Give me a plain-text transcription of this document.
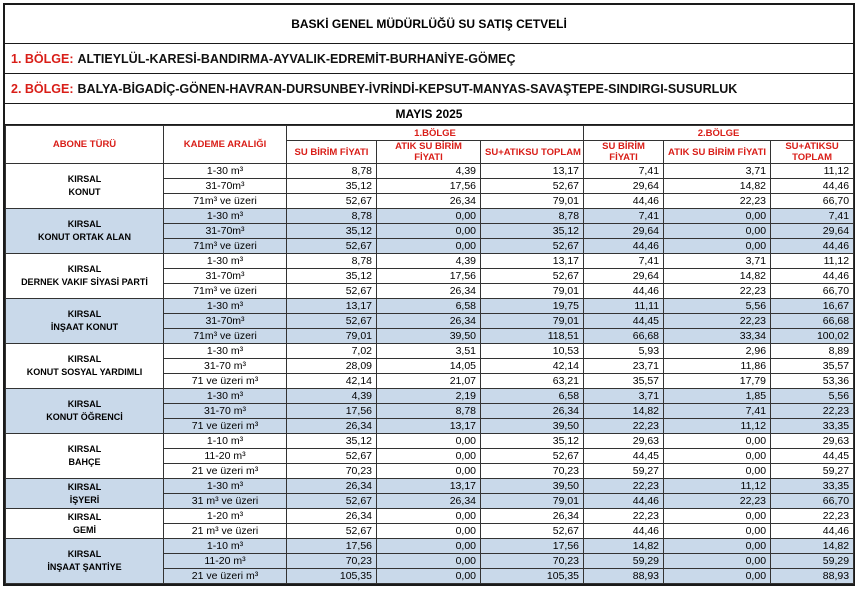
BASKİ GENEL MÜDÜRLÜĞÜ SU SATIŞ CETVELİ
1. BÖLGE: ALTIEYLÜL-KARESİ-BANDIRMA-AYVALIK-EDREMİT-BURHANİYE-GÖMEÇ
2. BÖLGE: BALYA-BİGADİÇ-GÖNEN-HAVRAN-DURSUNBEY-İVRİNDİ-KEPSUT-MANYAS-SAVAŞTEPE-SINDIRGI-SUSURLUK
MAYIS 2025
ABONE TÜRÜ	KADEME ARALIĞI	1.BÖLGE			2.BÖLGE		
		SU BİRİM FİYATI	ATIK SU BİRİM FİYATI	SU+ATIKSU TOPLAM	SU BİRİM FİYATI	ATIK SU BİRİM FİYATI	SU+ATIKSU TOPLAM
KIRSAL
KONUT	1-30 m³	8,78	4,39	13,17	7,41	3,71	11,12
	31-70m³	35,12	17,56	52,67	29,64	14,82	44,46
	71m³ ve üzeri	52,67	26,34	79,01	44,46	22,23	66,70
KIRSAL
KONUT ORTAK ALAN	1-30 m³	8,78	0,00	8,78	7,41	0,00	7,41
	31-70m³	35,12	0,00	35,12	29,64	0,00	29,64
	71m³ ve üzeri	52,67	0,00	52,67	44,46	0,00	44,46
KIRSAL
DERNEK VAKIF SİYASİ PARTİ	1-30 m³	8,78	4,39	13,17	7,41	3,71	11,12
	31-70m³	35,12	17,56	52,67	29,64	14,82	44,46
	71m³ ve üzeri	52,67	26,34	79,01	44,46	22,23	66,70
KIRSAL
İNŞAAT KONUT	1-30 m³	13,17	6,58	19,75	11,11	5,56	16,67
	31-70m³	52,67	26,34	79,01	44,45	22,23	66,68
	71m³ ve üzeri	79,01	39,50	118,51	66,68	33,34	100,02
KIRSAL
KONUT SOSYAL YARDIMLI	1-30 m³	7,02	3,51	10,53	5,93	2,96	8,89
	31-70 m³	28,09	14,05	42,14	23,71	11,86	35,57
	71 ve üzeri m³	42,14	21,07	63,21	35,57	17,79	53,36
KIRSAL
KONUT ÖĞRENCİ	1-30 m³	4,39	2,19	6,58	3,71	1,85	5,56
	31-70 m³	17,56	8,78	26,34	14,82	7,41	22,23
	71 ve üzeri m³	26,34	13,17	39,50	22,23	11,12	33,35
KIRSAL
BAHÇE	1-10 m³	35,12	0,00	35,12	29,63	0,00	29,63
	11-20 m³	52,67	0,00	52,67	44,45	0,00	44,45
	21 ve üzeri m³	70,23	0,00	70,23	59,27	0,00	59,27
KIRSAL
İŞYERİ	1-30 m³	26,34	13,17	39,50	22,23	11,12	33,35
	31 m³ ve üzeri	52,67	26,34	79,01	44,46	22,23	66,70
KIRSAL
GEMİ	1-20 m³	26,34	0,00	26,34	22,23	0,00	22,23
	21 m³ ve üzeri	52,67	0,00	52,67	44,46	0,00	44,46
KIRSAL
İNŞAAT ŞANTİYE	1-10 m³	17,56	0,00	17,56	14,82	0,00	14,82
	11-20 m³	70,23	0,00	70,23	59,29	0,00	59,29
	21 ve üzeri m³	105,35	0,00	105,35	88,93	0,00	88,93
